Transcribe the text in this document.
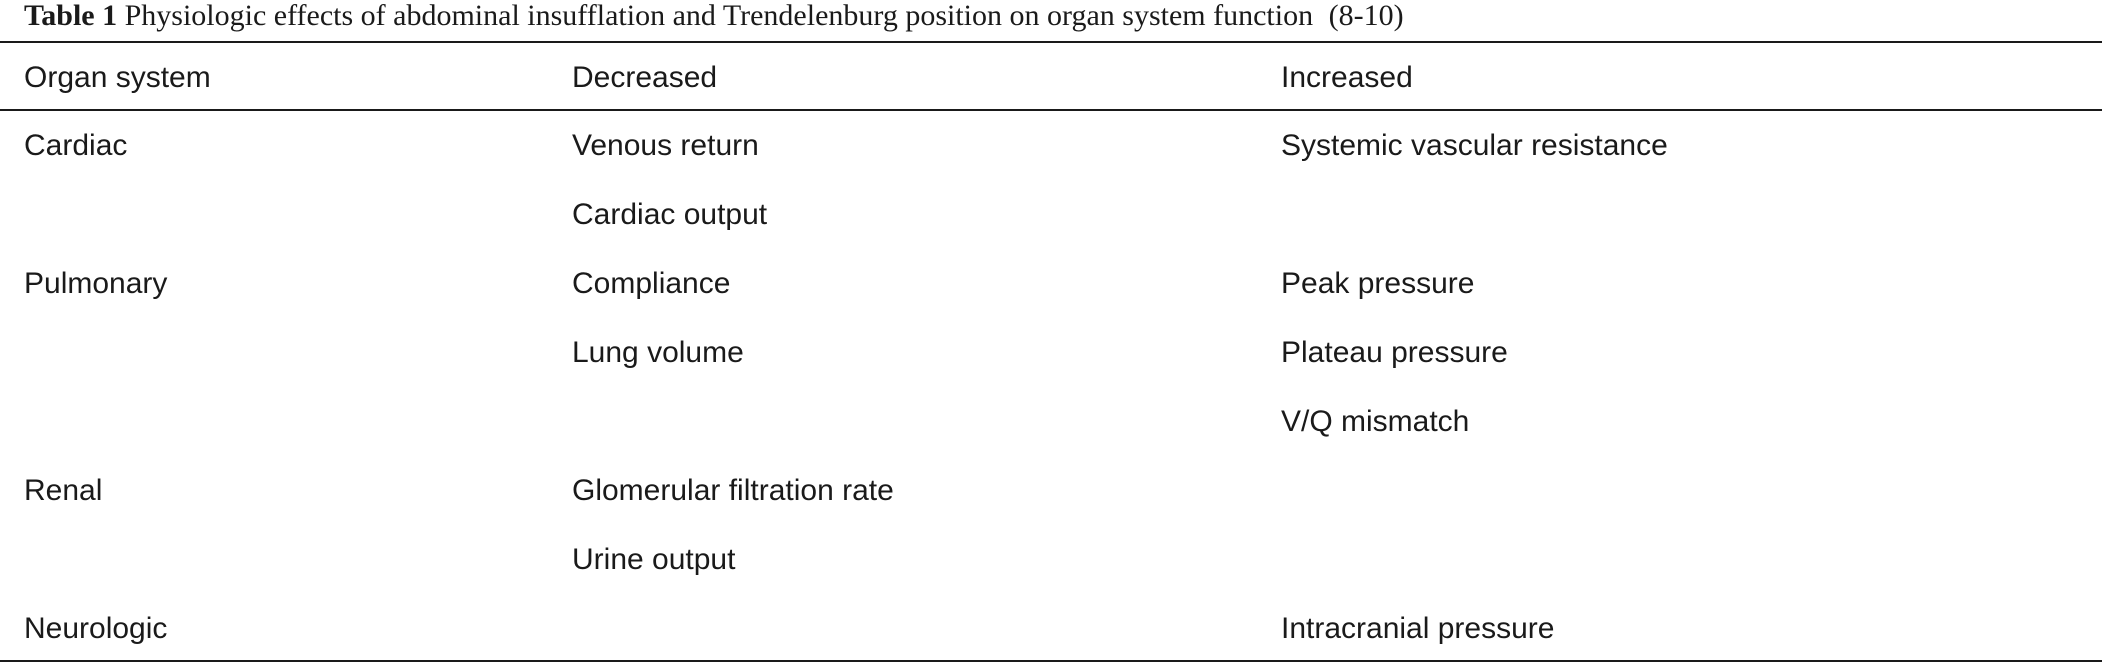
Table 1 Physiologic effects of abdominal insufflation and Trendelenburg position on organ system function (8-10)
Organ system	Decreased	Increased
Cardiac	Venous return	Systemic vascular resistance
	Cardiac output	
Pulmonary	Compliance	Peak pressure
	Lung volume	Plateau pressure
		V/Q mismatch
Renal	Glomerular filtration rate	
	Urine output	
Neurologic		Intracranial pressure
